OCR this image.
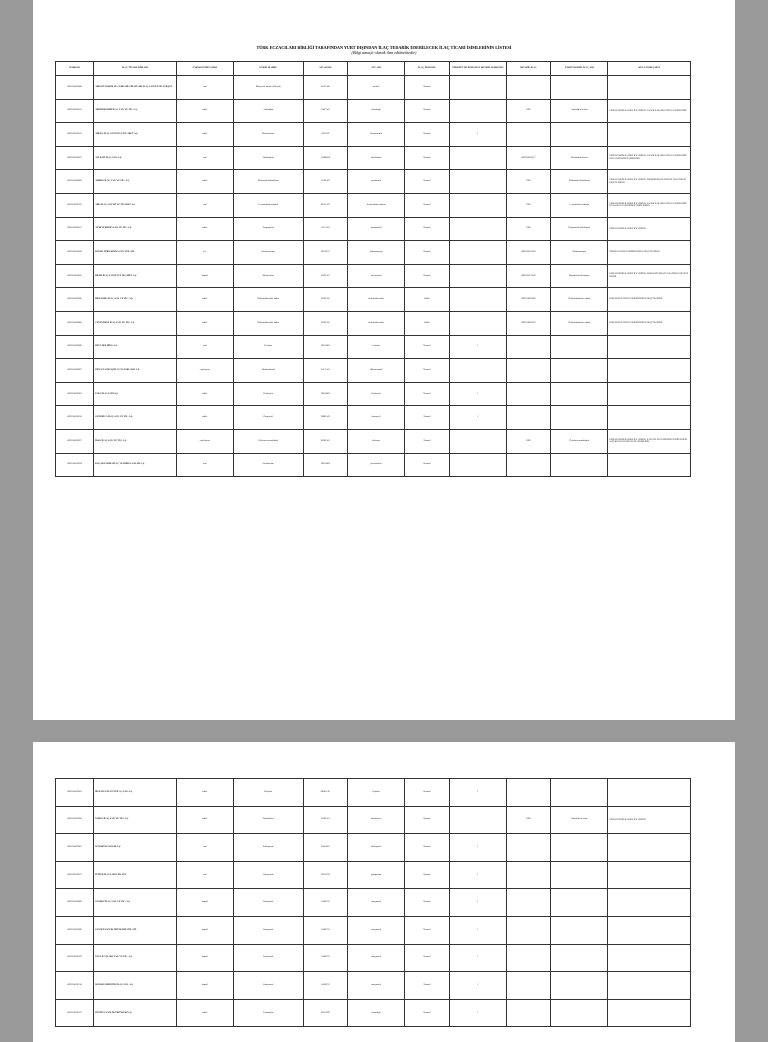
TÜRK ECZACILARI BİRLİĞİ TARAFINDAN YURT DIŞINDAN İLAÇ TEDARİK EDEBİLECEK İLAÇ TİCARİ İSİMLERİNİN LİSTESİ
(Bilgi amaçlı olarak ilan edilmektedir)
BARKOD	İLAÇ TİCARİ İSİM ADI	FARMASÖTİK FORM	ETKİN MADDE	ATC KODU	ATC ADI	İLAÇ DURUMU	TÜRKİYE'DE RUHSATLI MUADİL BARKODU	MUADİL İLAÇ	ETKİN MADDE İLAÇ ADI	KULLANIM ŞARTI
8699514090088	ABBOTT BAKIM VE CERRAHI CİHAZLARI İLAÇ SANAYİ TİC.LTD.ŞTİ.	oral	Micofenol mofetil (bileşik)	L04AA06	mofetil	Normal				
8699514090118	ABDİ İBRAHİM İLAÇ SAN. VE TİC. A.Ş.	tablet	Amlodipin	C08CA01	amlodipin	Normal		RED	Amlodipin besilat	UZMAN HEKİM RAPORU İLE VERİLİR. SAĞLIK BAKANLIĞI ONAYI GEREKLİDİR.
8699514090613	ADEKA İLAÇ SANAYİ VE TİCARET A.Ş.	tablet	Klaritromisin	J01FA09	klaritromisin	Normal	1			
8699514090637	ALİ RAİF İLAÇ SAN. A.Ş.	oral	Oksibutinin	G04BD04	oksibutinin	Normal		8699536350117	Oksibutinin klorür	UZMAN HEKİM RAPORU İLE VERİLİR. SAĞLIK BAKANLIĞI ONAYI GEREKLİDİR. KULLANIM SÜRESİ SINIRLIDIR.
8699514090668	AMBRO İLAÇ SAN. VE TİC. A.Ş.	tablet	Metformin hidroklorür	A10BA02	metformin	Normal		RED	Metformin hidroklorür	UZMAN HEKİM RAPORU İLE VERİLİR. ENDOKRİNOLOJİ UZMANI TARAFINDAN REÇETE EDİLİR.
8699514090705	ARİS İLAÇ SANAYİ VE TİCARET A.Ş.	oral	Levotiroksin sodyum	H03AA01	levotiroksin sodyum	Normal		RED	Levotiroksin sodyum	UZMAN HEKİM RAPORU İLE VERİLİR. SAĞLIK BAKANLIĞI ONAYI GEREKLİDİR. HASTANE ECZANESİNDEN TEMİN EDİLİR.
8699514090811	ATABAY KİMYA SAN. VE TİC. A.Ş.	tablet	Propranolol	C07AA05	propranolol	Normal		RED	Propranolol hidroklorür	UZMAN HEKİM RAPORU İLE VERİLİR.
8699514090828	BAYER TÜRK KİMYA SAN. LTD. ŞTİ.	jel	Karbamazepin	N03AF01	karbamazepin	Normal		8699532010022	Karbamazepin	NÖROLOJİ UZMAN HEKİMLERİNCE REÇETE EDİLİR.
8699514090835	BİLİM İLAÇ SANAYİ VE TİCARET A.Ş.	kapsül	Metotreksat	L01BA01	metotreksat	Normal		8699532270143	Metotreksat disodyum	UZMAN HEKİM RAPORU İLE VERİLİR. ONKOLOJİ UZMANI TARAFINDAN REÇETE EDİLİR.
8699514090842	BİOFARMA İLAÇ SAN. VE TİC. A.Ş.	tablet	Hidroksiklorokin sülfat	P01BA02	hidroksiklorokin	Kıtlık		8699514090859	Hidroksiklorokin sülfat	ROMATOLOJİ UZMAN HEKİMLERİNCE REÇETE EDİLİR.
8699514090866	CENTURION İLAÇ SAN. VE TİC. A.Ş.	tablet	Hidroksiklorokin sülfat	P01BA02	hidroksiklorokin	Kıtlık		8699514090873	Hidroksiklorokin sülfat	ROMATOLOJİ UZMAN HEKİMLERİNCE REÇETE EDİLİR.
8699514090880	DEVA HOLDİNG A.Ş.	oral	Fenitoin	N03AB02	fenitoin	Normal	1			
8699514090897	EİP ECZACIBAŞI İLAÇ PAZARLAMA A.Ş.	enjeksiyon	Siklofosfamid	L01AA01	siklofosfamid	Normal				
8699514090903	FAKO İLAÇLARI A.Ş.	tablet	Fluoksetin	N06AB03	fluoksetin	Normal	1			
8699514090910	GENERİCA İLAÇ SAN. VE TİC. A.Ş.	tablet	Donepezil	N06DA02	donepezil	Normal	1			
8699514090927	İLKO İLAÇ SAN. VE TİC. A.Ş.	enjeksiyon	Dekstroz monohidrat	B05BA03	dekstroz	Normal		RED	Dekstroz monohidrat	UZMAN HEKİM RAPORU İLE VERİLİR. HASTANE ECZANESİNDEN TEMİN EDİLİR. SAĞLIK BAKANLIĞI ONAYI GEREKLİDİR.
8699514090934	KOÇAK FARMA İLAÇ VE KİMYA SANAYİ A.Ş.	oral	Prednizolon	H02AB06	prednizolon	Normal				
8699514090941	MUSTAFA NEVZAT İLAÇ SAN. A.Ş.	tablet	Kolşisin	M04AC01	kolşisin	Normal	1			
8699514090958	NOBEL İLAÇ SAN. VE TİC. A.Ş.	tablet	Tamoksifen	L02BA01	tamoksifen	Normal		RED	Tamoksifen sitrat	UZMAN HEKİM RAPORU İLE VERİLİR.
8699514090965	NOVARTİS SAĞLIK A.Ş.	oral	Siklosporin	L04AD01	siklosporin	Normal	1			
8699514090972	PFİZER İLAÇLARI LTD. ŞTİ.	oral	Gabapentin	N03AX12	gabapentin	Normal	1			
8699514090989	SANDOZ İLAÇ SAN. VE TİC. A.Ş.	kapsül	Omeprazol	A02BC01	omeprazol	Normal	1			
8699514090996	SANOFİ SAĞLIK ÜRÜNLERİ LTD. ŞTİ.	kapsül	Omeprazol	A02BC01	omeprazol	Normal	1			
8699514091009	TEVA İLAÇLARI SAN. VE TİC. A.Ş.	kapsül	Omeprazol	A02BC01	omeprazol	Normal	1			
8699514091016	WORLD MEDİCİNE İLAÇ SAN. A.Ş.	kapsül	Omeprazol	A02BC01	omeprazol	Normal	1			
8699514091023	ZENTİVA SAĞLIK ÜRÜNLERİ A.Ş.	tablet	Lamotrijin	N03AX09	lamotrijin	Normal	1			
